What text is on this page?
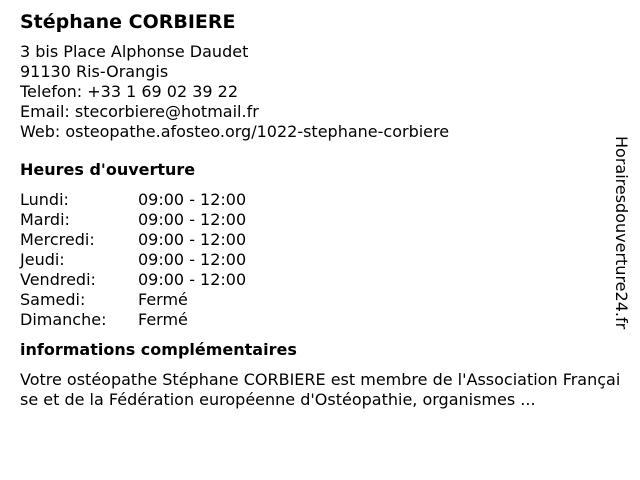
Stéphane CORBIERE
3 bis Place Alphonse Daudet
91130 Ris-Orangis
Telefon: +33 1 69 02 39 22
Email: stecorbiere@hotmail.fr
Web: osteopathe.afosteo.org/1022-stephane-corbiere
Heures d'ouverture
Lundi:	09:00 - 12:00
Mardi:	09:00 - 12:00
Mercredi:	09:00 - 12:00
Jeudi:	09:00 - 12:00
Vendredi:	09:00 - 12:00
Samedi:	Fermé
Dimanche:	Fermé
informations complémentaires
Votre ostéopathe Stéphane CORBIERE est membre de l'Association Française et de la Fédération européenne d'Ostéopathie, organismes ...
Horairesdouverture24.fr
